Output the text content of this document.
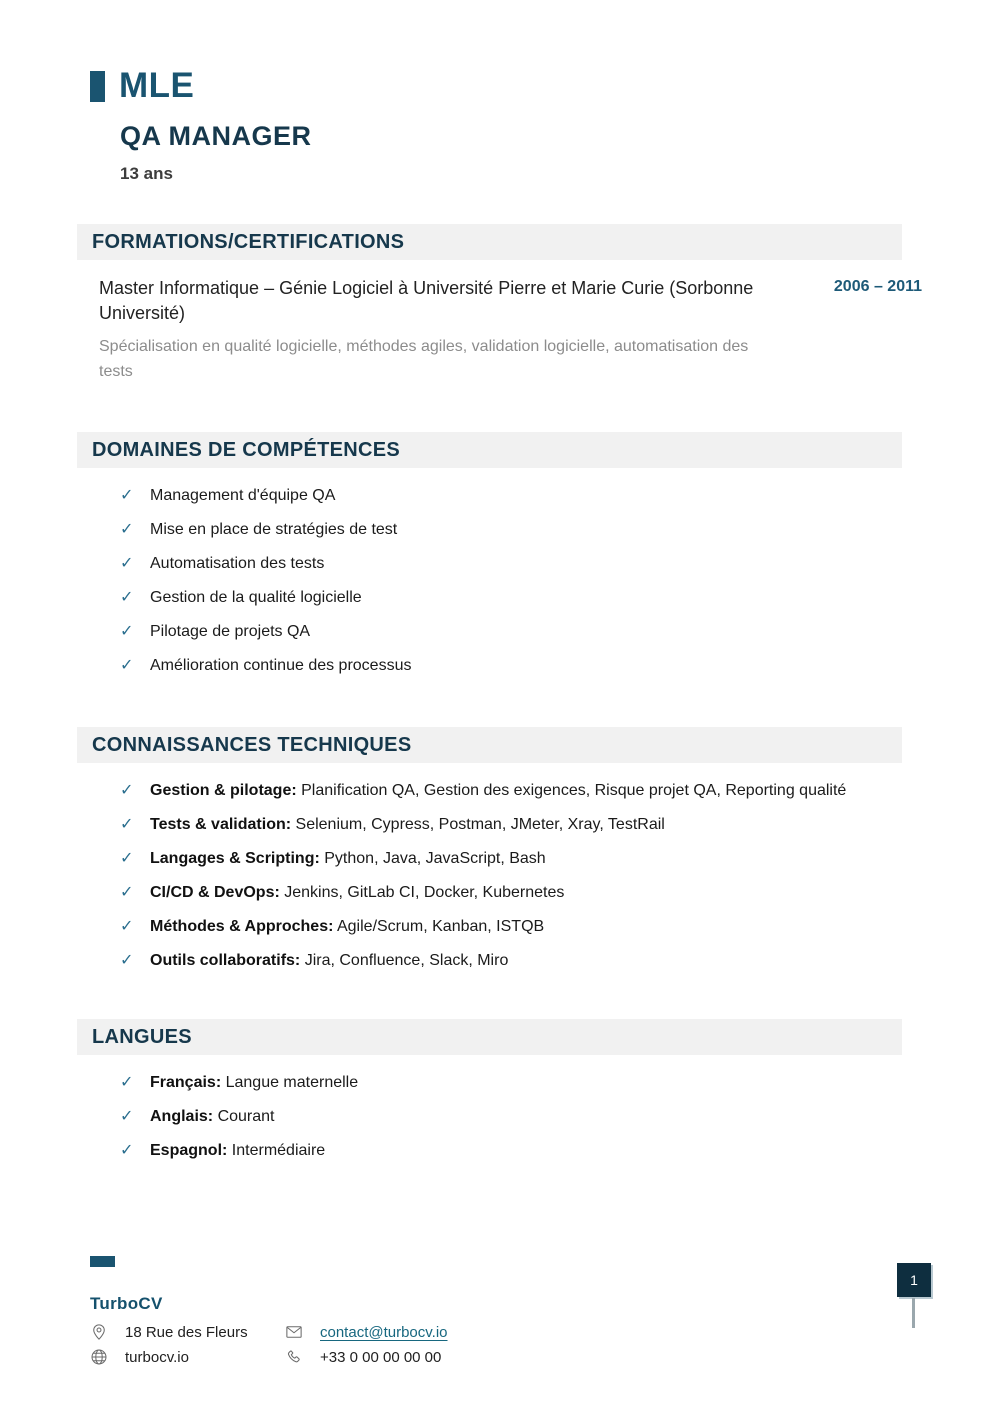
MLE
QA MANAGER
13 ans
FORMATIONS/CERTIFICATIONS
Master Informatique – Génie Logiciel à Université Pierre et Marie Curie (Sorbonne Université)
2006 – 2011
Spécialisation en qualité logicielle, méthodes agiles, validation logicielle, automatisation des tests
DOMAINES DE COMPÉTENCES
✓ Management d'équipe QA
✓ Mise en place de stratégies de test
✓ Automatisation des tests
✓ Gestion de la qualité logicielle
✓ Pilotage de projets QA
✓ Amélioration continue des processus
CONNAISSANCES TECHNIQUES
✓ Gestion & pilotage: Planification QA, Gestion des exigences, Risque projet QA, Reporting qualité
✓ Tests & validation: Selenium, Cypress, Postman, JMeter, Xray, TestRail
✓ Langages & Scripting: Python, Java, JavaScript, Bash
✓ CI/CD & DevOps: Jenkins, GitLab CI, Docker, Kubernetes
✓ Méthodes & Approches: Agile/Scrum, Kanban, ISTQB
✓ Outils collaboratifs: Jira, Confluence, Slack, Miro
LANGUES
✓ Français: Langue maternelle
✓ Anglais: Courant
✓ Espagnol: Intermédiaire
TurboCV
18 Rue des Fleurs	contact@turbocv.io
turbocv.io	+33 0 00 00 00 00
1
